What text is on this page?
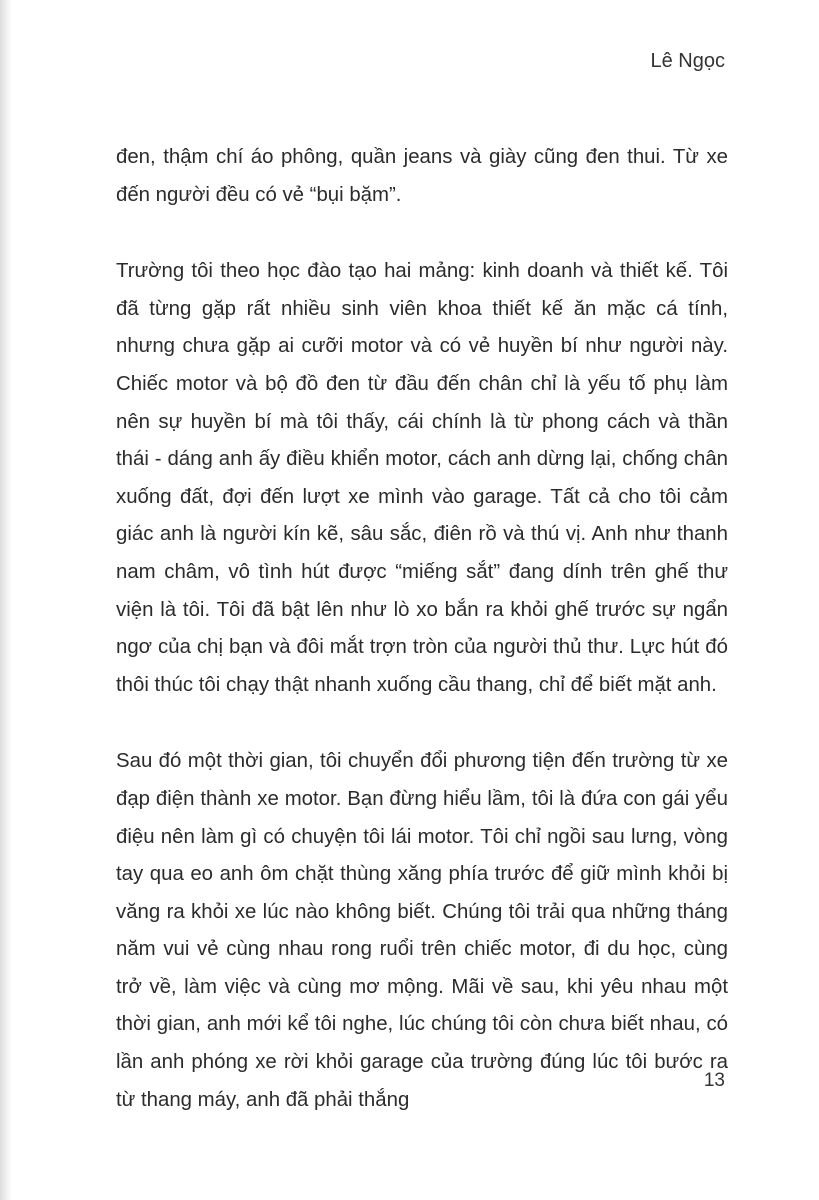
Lê Ngọc

đen, thậm chí áo phông, quần jeans và giày cũng đen thui. Từ xe đến người đều có vẻ “bụi bặm”.

Trường tôi theo học đào tạo hai mảng: kinh doanh và thiết kế. Tôi đã từng gặp rất nhiều sinh viên khoa thiết kế ăn mặc cá tính, nhưng chưa gặp ai cưỡi motor và có vẻ huyền bí như người này. Chiếc motor và bộ đồ đen từ đầu đến chân chỉ là yếu tố phụ làm nên sự huyền bí mà tôi thấy, cái chính là từ phong cách và thần thái - dáng anh ấy điều khiển motor, cách anh dừng lại, chống chân xuống đất, đợi đến lượt xe mình vào garage. Tất cả cho tôi cảm giác anh là người kín kẽ, sâu sắc, điên rồ và thú vị. Anh như thanh nam châm, vô tình hút được “miếng sắt” đang dính trên ghế thư viện là tôi. Tôi đã bật lên như lò xo bắn ra khỏi ghế trước sự ngẩn ngơ của chị bạn và đôi mắt trợn tròn của người thủ thư. Lực hút đó thôi thúc tôi chạy thật nhanh xuống cầu thang, chỉ để biết mặt anh.

Sau đó một thời gian, tôi chuyển đổi phương tiện đến trường từ xe đạp điện thành xe motor. Bạn đừng hiểu lầm, tôi là đứa con gái yểu điệu nên làm gì có chuyện tôi lái motor. Tôi chỉ ngồi sau lưng, vòng tay qua eo anh ôm chặt thùng xăng phía trước để giữ mình khỏi bị văng ra khỏi xe lúc nào không biết. Chúng tôi trải qua những tháng năm vui vẻ cùng nhau rong ruổi trên chiếc motor, đi du học, cùng trở về, làm việc và cùng mơ mộng. Mãi về sau, khi yêu nhau một thời gian, anh mới kể tôi nghe, lúc chúng tôi còn chưa biết nhau, có lần anh phóng xe rời khỏi garage của trường đúng lúc tôi bước ra từ thang máy, anh đã phải thắng

13
